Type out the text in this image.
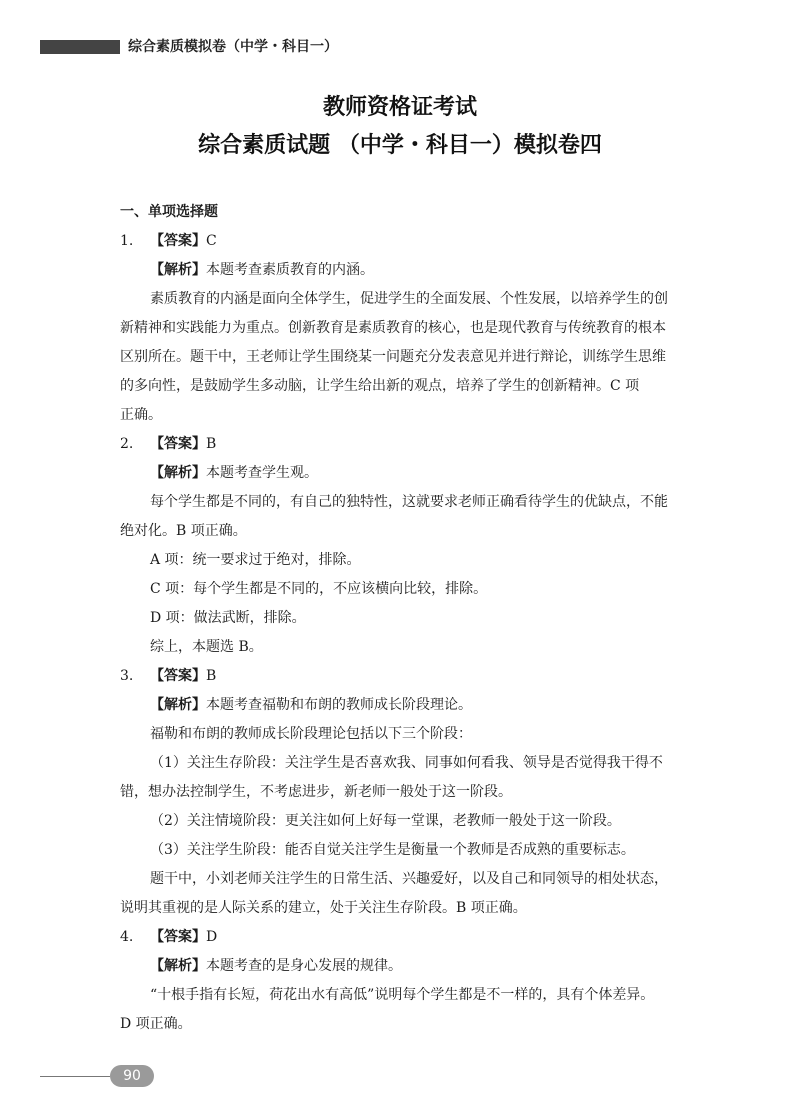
综合素质模拟卷（中学・科目一）
教师资格证考试
综合素质试题 （中学・科目一）模拟卷四
一、单项选择题
1. 【答案】C
【解析】本题考查素质教育的内涵。
素质教育的内涵是面向全体学生，促进学生的全面发展、个性发展，以培养学生的创
新精神和实践能力为重点。创新教育是素质教育的核心，也是现代教育与传统教育的根本
区别所在。题干中，王老师让学生围绕某一问题充分发表意见并进行辩论，训练学生思维
的多向性，是鼓励学生多动脑，让学生给出新的观点，培养了学生的创新精神。C 项
正确。
2. 【答案】B
【解析】本题考查学生观。
每个学生都是不同的，有自己的独特性，这就要求老师正确看待学生的优缺点，不能
绝对化。B 项正确。
A 项：统一要求过于绝对，排除。
C 项：每个学生都是不同的，不应该横向比较，排除。
D 项：做法武断，排除。
综上，本题选 B。
3. 【答案】B
【解析】本题考查福勒和布朗的教师成长阶段理论。
福勒和布朗的教师成长阶段理论包括以下三个阶段：
（1）关注生存阶段：关注学生是否喜欢我、同事如何看我、领导是否觉得我干得不
错，想办法控制学生，不考虑进步，新老师一般处于这一阶段。
（2）关注情境阶段：更关注如何上好每一堂课，老教师一般处于这一阶段。
（3）关注学生阶段：能否自觉关注学生是衡量一个教师是否成熟的重要标志。
题干中，小刘老师关注学生的日常生活、兴趣爱好，以及自己和同领导的相处状态，
说明其重视的是人际关系的建立，处于关注生存阶段。B 项正确。
4. 【答案】D
【解析】本题考查的是身心发展的规律。
“十根手指有长短，荷花出水有高低”说明每个学生都是不一样的，具有个体差异。
D 项正确。
90
